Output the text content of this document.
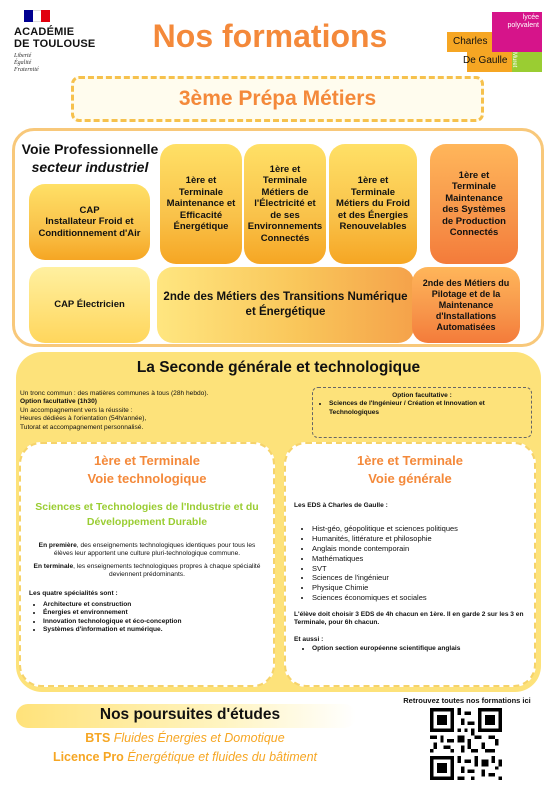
ACADÉMIE
DE TOULOUSE
Liberté
Égalité
Fraternité
Nos formations	Charles
De Gaulle
lycée polyvalent
Muret
3ème Prépa Métiers
Voie Professionnelle
secteur industriel
CAP
Installateur Froid et Conditionnement d'Air
1ère et
Terminale
Maintenance et Efficacité Énergétique
1ère et
Terminale
Métiers de l'Électricité et de ses Environnements Connectés
1ère et
Terminale
Métiers du Froid et des Énergies Renouvelables
1ère et
Terminale
Maintenance des Systèmes de Production Connectés
CAP Électricien
2nde des Métiers des Transitions Numérique et Énergétique
2nde des Métiers du Pilotage et de la Maintenance d'Installations Automatisées
La Seconde générale et technologique
Un tronc commun : des matières communes à tous (28h hebdo).
Option facultative (1h30)
Un accompagnement vers la réussite :
Heures dédiées à l'orientation (54h/année),
Tutorat et accompagnement personnalisé.
Option facultative :
• Sciences de l'Ingénieur / Création et Innovation et Technologiques
1ère et Terminale
Voie technologique
Sciences et Technologies de l'Industrie et du Développement Durable
En première, des enseignements technologiques identiques pour tous les élèves leur apportent une culture pluri-technologique commune.
En terminale, les enseignements technologiques propres à chaque spécialité deviennent prédominants.
Les quatre spécialités sont :
• Architecture et construction
• Énergies et environnement
• Innovation technologique et éco-conception
• Systèmes d'information et numérique.
1ère et Terminale
Voie générale
Les EDS à Charles de Gaulle :
• Hist-géo, géopolitique et sciences politiques
• Humanités, littérature et philosophie
• Anglais monde contemporain
• Mathématiques
• SVT
• Sciences de l'ingénieur
• Physique Chimie
• Sciences économiques et sociales
L'élève doit choisir 3 EDS de 4h chacun en 1ère. Il en garde 2 sur les 3 en Terminale, pour 6h chacun.
Et aussi :
• Option section européenne scientifique anglais
Nos poursuites d'études
BTS Fluides Énergies et Domotique
Licence Pro Énergétique et fluides du bâtiment
Retrouvez toutes nos formations ici
